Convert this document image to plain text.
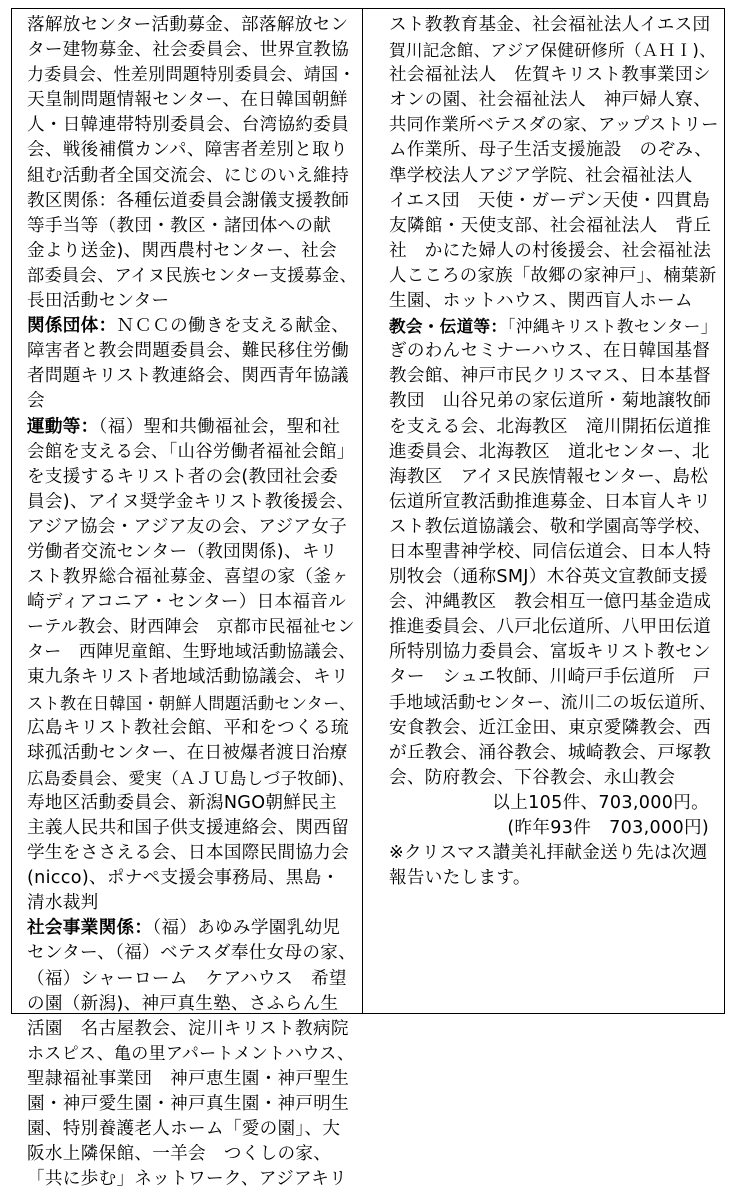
落解放センター活動募金、部落解放セン
ター建物募金、社会委員会、世界宣教協
力委員会、性差別問題特別委員会、靖国・
天皇制問題情報センター、在日韓国朝鮮
人・日韓連帯特別委員会、台湾協約委員
会、戦後補償カンパ、障害者差別と取り
組む活動者全国交流会、にじのいえ維持
教区関係：各種伝道委員会謝儀支援教師
等手当等（教団・教区・諸団体への献
金より送金)、関西農村センター、社会
部委員会、アイヌ民族センター支援募金、
長田活動センター
関係団体：ＮＣＣの働きを支える献金、
障害者と教会問題委員会、難民移住労働
者問題キリスト教連絡会、関西青年協議
会
運動等：（福）聖和共働福祉会，聖和社
会館を支える会、「山谷労働者福祉会館」
を支援するキリスト者の会(教団社会委
員会)、アイヌ奨学金キリスト教後援会、
アジア協会・アジア友の会、アジア女子
労働者交流センター（教団関係)、キリ
スト教界総合福祉募金、喜望の家（釜ヶ
崎ディアコニア・センター）日本福音ル
ーテル教会、財西陣会　京都市民福祉セン
ター　西陣児童館、生野地域活動協議会、
東九条キリスト者地域活動協議会、キリ
スト教在日韓国・朝鮮人問題活動センター、
広島キリスト教社会館、平和をつくる琉
球孤活動センター、在日被爆者渡日治療
広島委員会、愛実（ＡＪＵ島しづ子牧師)、
寿地区活動委員会、新潟NGO朝鮮民主
主義人民共和国子供支援連絡会、関西留
学生をささえる会、日本国際民間協力会
(nicco)、ポナペ支援会事務局、黒島・
清水裁判
社会事業関係：（福）あゆみ学園乳幼児
センター、（福）ベテスダ奉仕女母の家、
（福）シャーローム　ケアハウス　希望
の園（新潟)、神戸真生塾、さふらん生
活園　名古屋教会、淀川キリスト教病院
ホスピス、亀の里アパートメントハウス、
聖隷福祉事業団　神戸恵生園・神戸聖生
園・神戸愛生園・神戸真生園・神戸明生
園、特別養護老人ホーム「愛の園」、大
阪水上隣保館、一羊会　つくしの家、
「共に歩む」ネットワーク、アジアキリ
スト教教育基金、社会福祉法人イエス団
賀川記念館、アジア保健研修所（ＡＨＩ)、
社会福祉法人　佐賀キリスト教事業団シ
オンの園、社会福祉法人　神戸婦人寮、
共同作業所ベテスダの家、アップストリー
ム作業所、母子生活支援施設　のぞみ、
準学校法人アジア学院、社会福祉法人
イエス団　天使・ガーデン天使・四貫島
友隣館・天使支部、社会福祉法人　背丘
社　かにた婦人の村後援会、社会福祉法
人こころの家族「故郷の家神戸」、楠葉新
生園、ホットハウス、関西盲人ホーム
教会・伝道等：「沖縄キリスト教センター」
ぎのわんセミナーハウス、在日韓国基督
教会館、神戸市民クリスマス、日本基督
教団　山谷兄弟の家伝道所・菊地譲牧師
を支える会、北海教区　滝川開拓伝道推
進委員会、北海教区　道北センター、北
海教区　アイヌ民族情報センター、島松
伝道所宣教活動推進募金、日本盲人キリ
スト教伝道協議会、敬和学園高等学校、
日本聖書神学校、同信伝道会、日本人特
別牧会（通称SMJ）木谷英文宣教師支援
会、沖縄教区　教会相互一億円基金造成
推進委員会、八戸北伝道所、八甲田伝道
所特別協力委員会、富坂キリスト教セン
ター　シュエ牧師、川崎戸手伝道所　戸
手地域活動センター、流川二の坂伝道所、
安食教会、近江金田、東京愛隣教会、西
が丘教会、涌谷教会、城崎教会、戸塚教
会、防府教会、下谷教会、永山教会
以上105件、703,000円。
(昨年93件　703,000円)
※クリスマス讃美礼拝献金送り先は次週
報告いたします。
